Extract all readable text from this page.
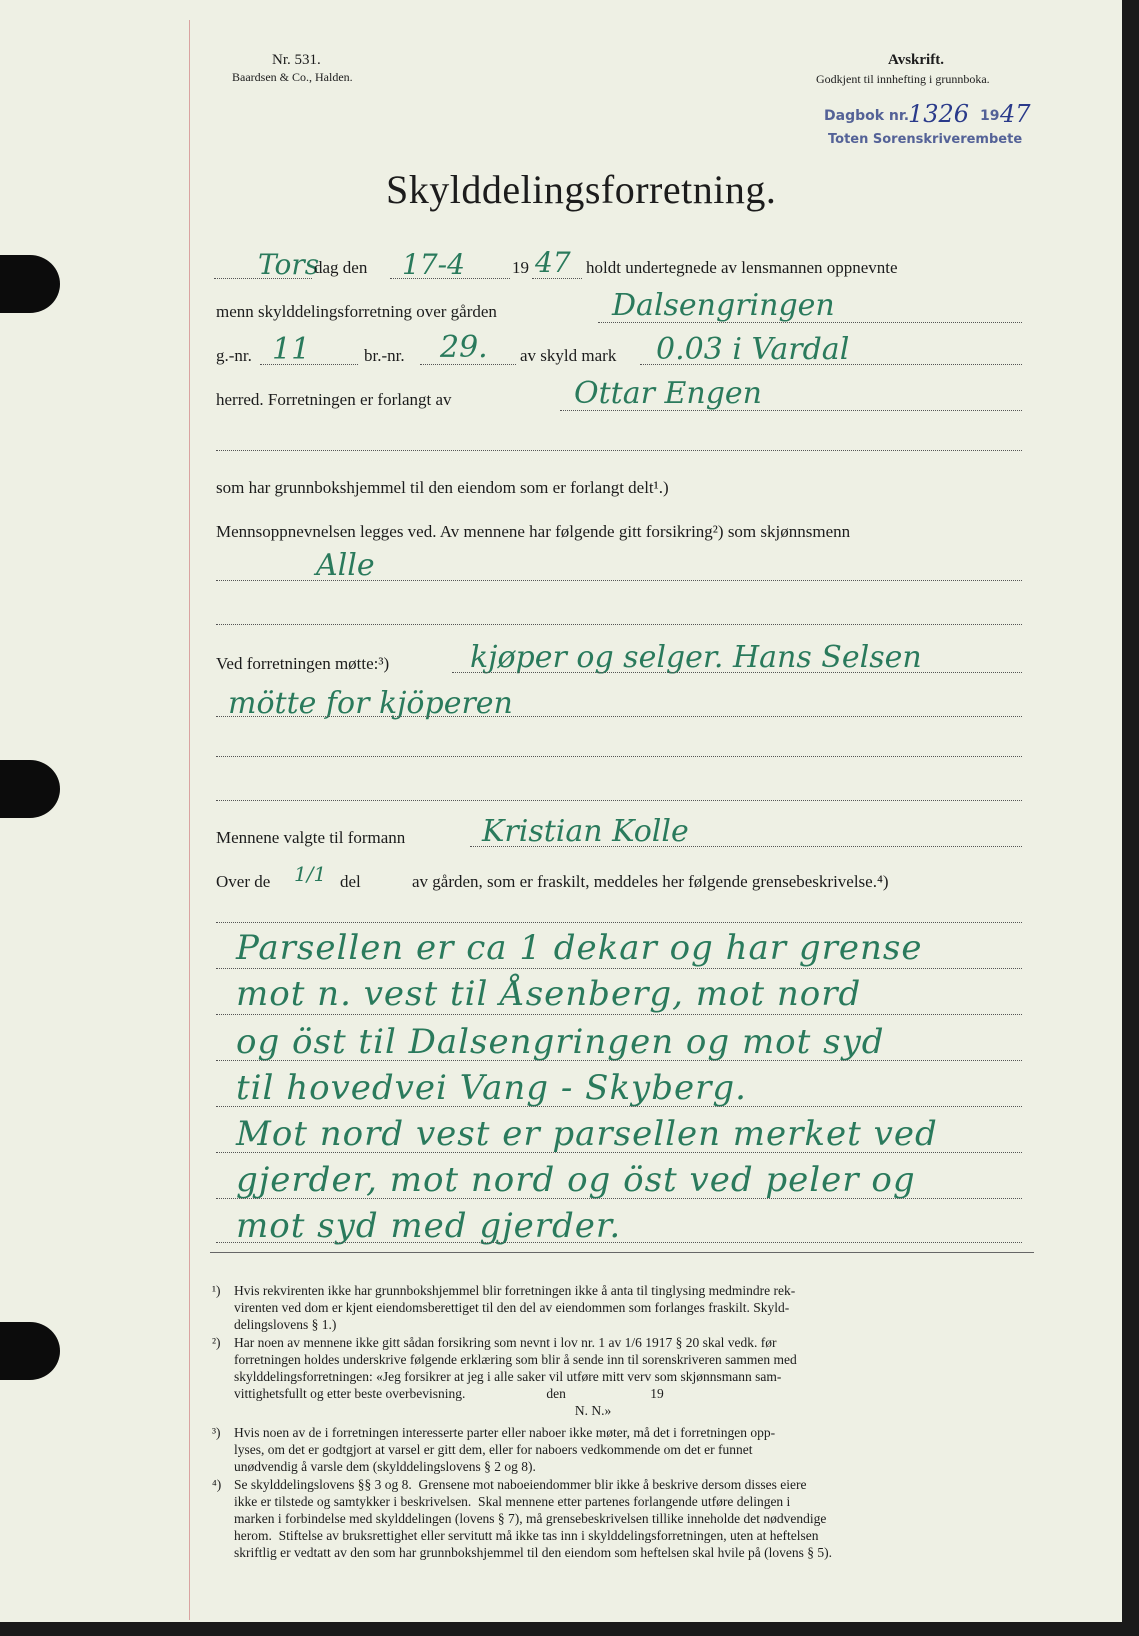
Nr. 531.
Baardsen & Co., Halden.
Avskrift.
Godkjent til innhefting i grunnboka.
Dagbok nr.
1326 19 47
Toten Sorenskriverembete
Skylddelingsforretning.
Tors
dag den 17-4	19 47 holdt undertegnede av lensmannen oppnevnte
menn skylddelingsforretning over gården	Dalsengringen
g.-nr. 11	br.-nr. 29. av skyld mark 0.03 i Vardal
herred. Forretningen er forlangt av	Ottar Engen
som har grunnbokshjemmel til den eiendom som er forlangt delt¹.)
Mennsoppnevnelsen legges ved. Av mennene har følgende gitt forsikring²) som skjønnsmenn
Alle
Ved forretningen møtte:³)	kjøper og selger. Hans Selsen
mötte for kjöperen
Mennene valgte til formann	Kristian Kolle
Over de 1/1 del	av gården, som er fraskilt, meddeles her følgende grensebeskrivelse.⁴)
Parsellen er ca 1 dekar og har grense
mot n. vest til Åsenberg, mot nord
og öst til Dalsengringen og mot syd
til hovedvei Vang - Skyberg.
Mot nord vest er parsellen merket ved
gjerder, mot nord og öst ved peler og
mot syd med gjerder.
¹) Hvis rekvirenten ikke har grunnbokshjemmel blir forretningen ikke å anta til tinglysing medmindre rek-
virenten ved dom er kjent eiendomsberettiget til den del av eiendommen som forlanges fraskilt. Skyld-
delingslovens § 1.)
²) Har noen av mennene ikke gitt sådan forsikring som nevnt i lov nr. 1 av 1/6 1917 § 20 skal vedk. før
forretningen holdes underskrive følgende erklæring som blir å sende inn til sorenskriveren sammen med
skylddelingsforretningen: «Jeg forsikrer at jeg i alle saker vil utføre mitt verv som skjønnsmann sam-
vittighetsfullt og etter beste overbevisning.                        den                         19
N. N.»
³) Hvis noen av de i forretningen interesserte parter eller naboer ikke møter, må det i forretningen opp-
lyses, om det er godtgjort at varsel er gitt dem, eller for naboers vedkommende om det er funnet
unødvendig å varsle dem (skylddelingslovens § 2 og 8).
⁴) Se skylddelingslovens §§ 3 og 8.  Grensene mot naboeiendommer blir ikke å beskrive dersom disses eiere
ikke er tilstede og samtykker i beskrivelsen.  Skal mennene etter partenes forlangende utføre delingen i
marken i forbindelse med skylddelingen (lovens § 7), må grensebeskrivelsen tillike inneholde det nødvendige
herom.  Stiftelse av bruksrettighet eller servitutt må ikke tas inn i skylddelingsforretningen, uten at heftelsen
skriftlig er vedtatt av den som har grunnbokshjemmel til den eiendom som heftelsen skal hvile på (lovens § 5).
